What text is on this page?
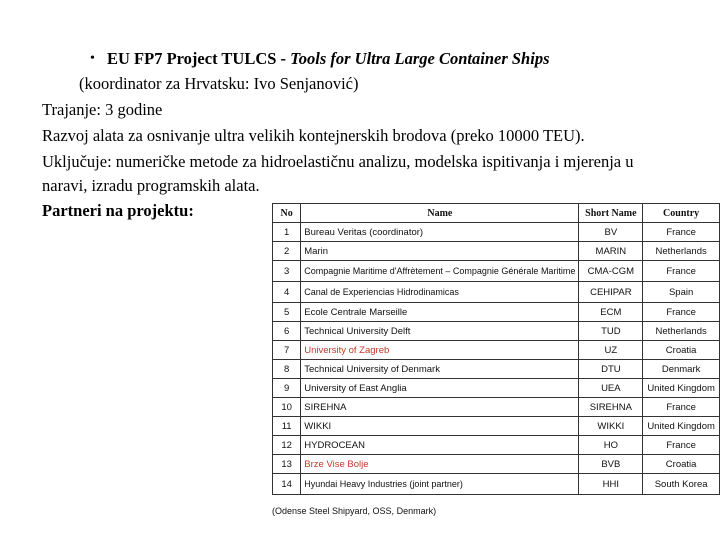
• EU FP7 Project TULCS - Tools for Ultra Large Container Ships
(koordinator za Hrvatsku: Ivo Senjanović)
Trajanje: 3 godine
Razvoj alata za osnivanje ultra velikih kontejnerskih brodova (preko 10000 TEU).
Uključuje: numeričke metode za hidroelastičnu analizu, modelska ispitivanja i mjerenja u
naravi, izradu programskih alata.
Partneri na projektu:	No	Name	Short Name	Country
1	Bureau Veritas (coordinator)	BV	France
2	Marin	MARIN	Netherlands
3	Compagnie Maritime d'Affrètement – Compagnie Générale Maritime	CMA-CGM	France
4	Canal de Experiencias Hidrodinamicas	CEHIPAR	Spain
5	Ecole Centrale Marseille	ECM	France
6	Technical University Delft	TUD	Netherlands
7	University of Zagreb	UZ	Croatia
8	Technical University of Denmark	DTU	Denmark
9	University of East Anglia	UEA	United Kingdom
10	SIREHNA	SIREHNA	France
11	WIKKI	WIKKI	United Kingdom
12	HYDROCEAN	HO	France
13	Brze Vise Bolje	BVB	Croatia
14	Hyundai Heavy Industries (joint partner)	HHI	South Korea
(Odense Steel Shipyard, OSS, Denmark)
